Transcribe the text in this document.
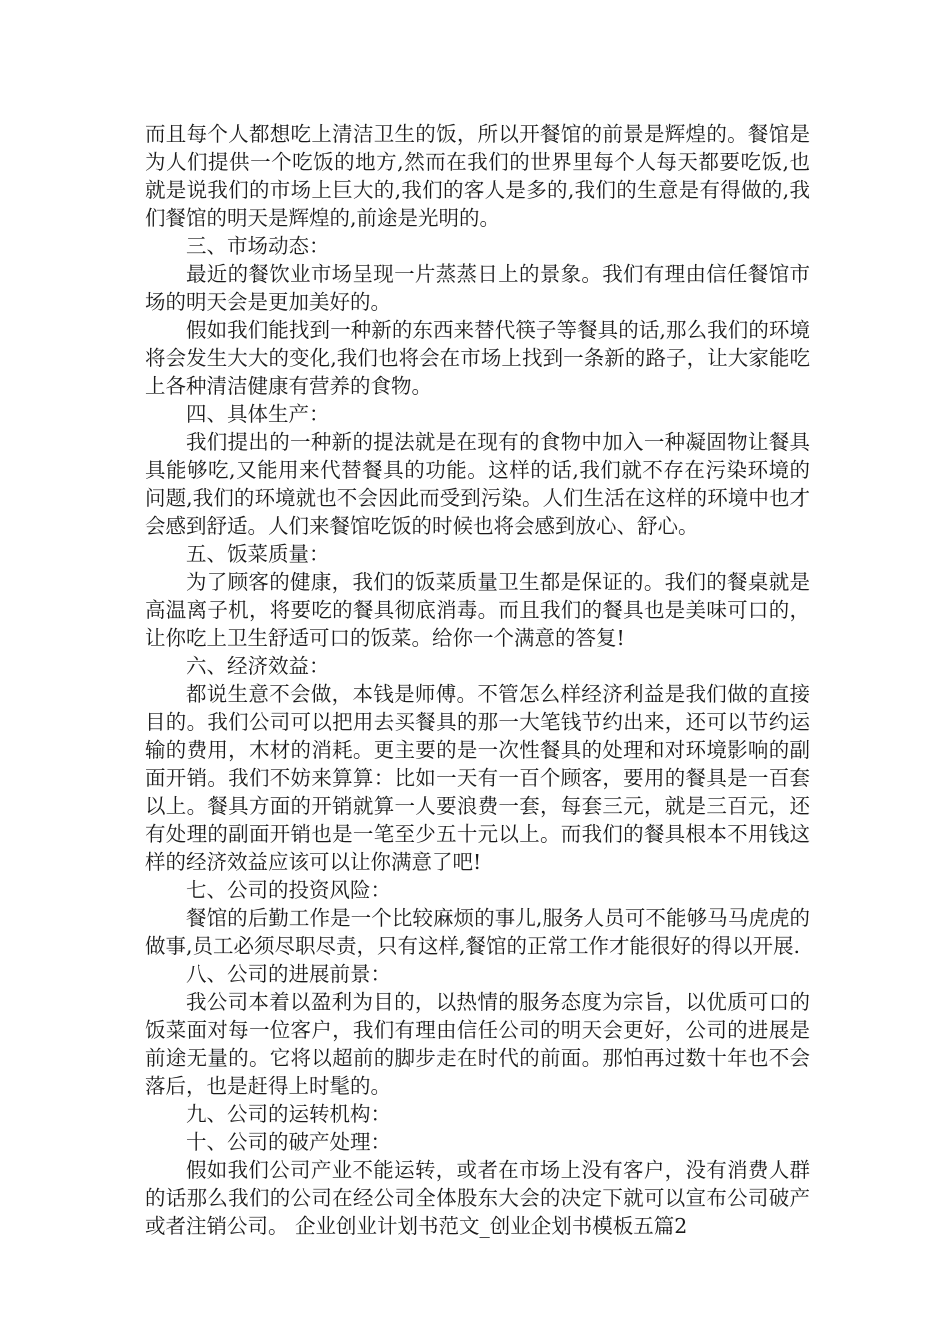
而且每个人都想吃上清洁卫生的饭，所以开餐馆的前景是辉煌的。餐馆是为人们提供一个吃饭的地方,然而在我们的世界里每个人每天都要吃饭,也就是说我们的市场上巨大的,我们的客人是多的,我们的生意是有得做的,我们餐馆的明天是辉煌的,前途是光明的。

三、市场动态：

最近的餐饮业市场呈现一片蒸蒸日上的景象。我们有理由信任餐馆市场的明天会是更加美好的。

假如我们能找到一种新的东西来替代筷子等餐具的话,那么我们的环境将会发生大大的变化,我们也将会在市场上找到一条新的路子，让大家能吃上各种清洁健康有营养的食物。

四、具体生产：

我们提出的一种新的提法就是在现有的食物中加入一种凝固物让餐具具能够吃,又能用来代替餐具的功能。这样的话,我们就不存在污染环境的问题,我们的环境就也不会因此而受到污染。人们生活在这样的环境中也才会感到舒适。人们来餐馆吃饭的时候也将会感到放心、舒心。

五、饭菜质量：

为了顾客的健康，我们的饭菜质量卫生都是保证的。我们的餐桌就是高温离子机，将要吃的餐具彻底消毒。而且我们的餐具也是美味可口的，让你吃上卫生舒适可口的饭菜。给你一个满意的答复!

六、经济效益：

都说生意不会做，本钱是师傅。不管怎么样经济利益是我们做的直接目的。我们公司可以把用去买餐具的那一大笔钱节约出来，还可以节约运输的费用，木材的消耗。更主要的是一次性餐具的处理和对环境影响的副面开销。我们不妨来算算：比如一天有一百个顾客，要用的餐具是一百套以上。餐具方面的开销就算一人要浪费一套，每套三元，就是三百元，还有处理的副面开销也是一笔至少五十元以上。而我们的餐具根本不用钱这样的经济效益应该可以让你满意了吧!

七、公司的投资风险：

餐馆的后勤工作是一个比较麻烦的事儿,服务人员可不能够马马虎虎的做事,员工必须尽职尽责，只有这样,餐馆的正常工作才能很好的得以开展.

八、公司的进展前景：

我公司本着以盈利为目的，以热情的服务态度为宗旨，以优质可口的饭菜面对每一位客户，我们有理由信任公司的明天会更好，公司的进展是前途无量的。它将以超前的脚步走在时代的前面。那怕再过数十年也不会落后，也是赶得上时髦的。

九、公司的运转机构：

十、公司的破产处理：

假如我们公司产业不能运转，或者在市场上没有客户，没有消费人群的话那么我们的公司在经公司全体股东大会的决定下就可以宣布公司破产或者注销公司。 企业创业计划书范文_创业企划书模板五篇2
